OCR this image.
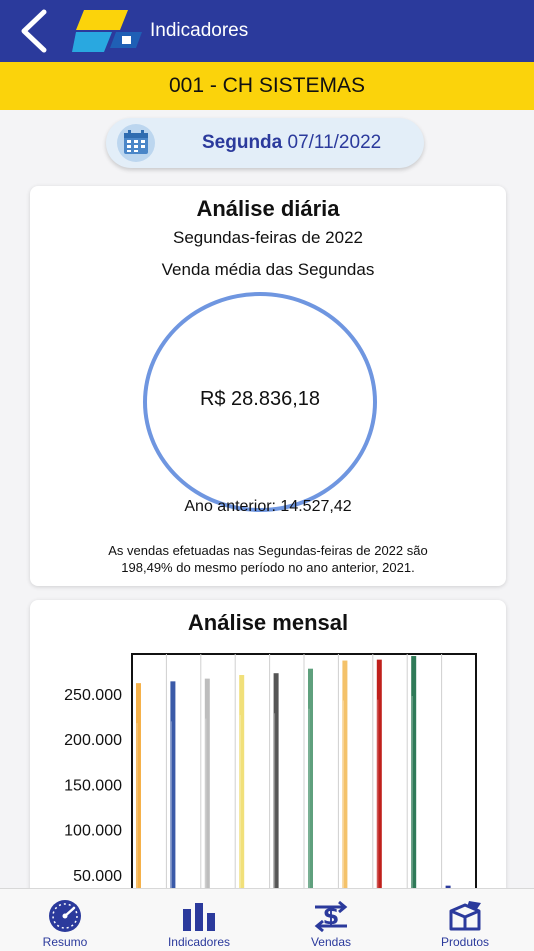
Indicadores
001 - CH SISTEMAS
Segunda 07/11/2022
Análise diária
Segundas-feiras de 2022
Venda média das Segundas
R$ 28.836,18
Ano anterior: 14.527,42
As vendas efetuadas nas Segundas-feiras de 2022 são
198,49% do mesmo período no ano anterior, 2021.
Análise mensal
50.000
100.000
150.000
200.000
250.000
Resumo	Indicadores
$
Vendas	Produtos
